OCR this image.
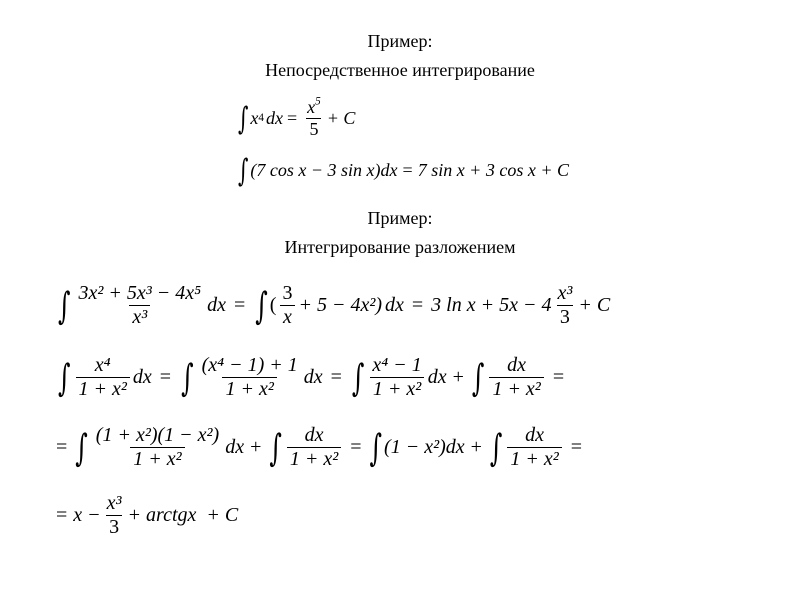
Пример:
Непосредственное интегрирование
∫ x 4 dx = $\frac{x^5}{5} + C$
∫ (7 cos x − 3 sin x)dx = 7 sin x + 3 cos x + C
Пример:
Интегрирование разложением
∫ $\frac{\text{3x² + 5x³ − 4x⁵}}{\text{x³}}$ dx = ∫ ( $\frac{3}{x} + 5 - 4x^2$) dx = 3 $\ln x + 5x - 4 \frac{\text{x³}}{3} + C$
∫ $\frac{\text{x⁴}}{\text{1 + x²}}$ dx = ∫ $\frac{\text{(x⁴ − 1) + 1}}{\text{1 + x²}}$ dx = ∫ $\frac{\text{x⁴ − 1}}{\text{1 + x²}}$ dx + ∫ $\frac{dx}{\text{1 + x²}}$ =
= ∫ $\frac{\text{(1 + x²)(1 − x²)}}{\text{1 + x²}}$ dx + ∫ $\frac{dx}{\text{1 + x²}}$ = ∫ (1 − x²)dx + ∫ $\frac{dx}{\text{1 + x²}}$ =
= $x - \frac{\text{x³}}{3}$ + arctgx  + C
